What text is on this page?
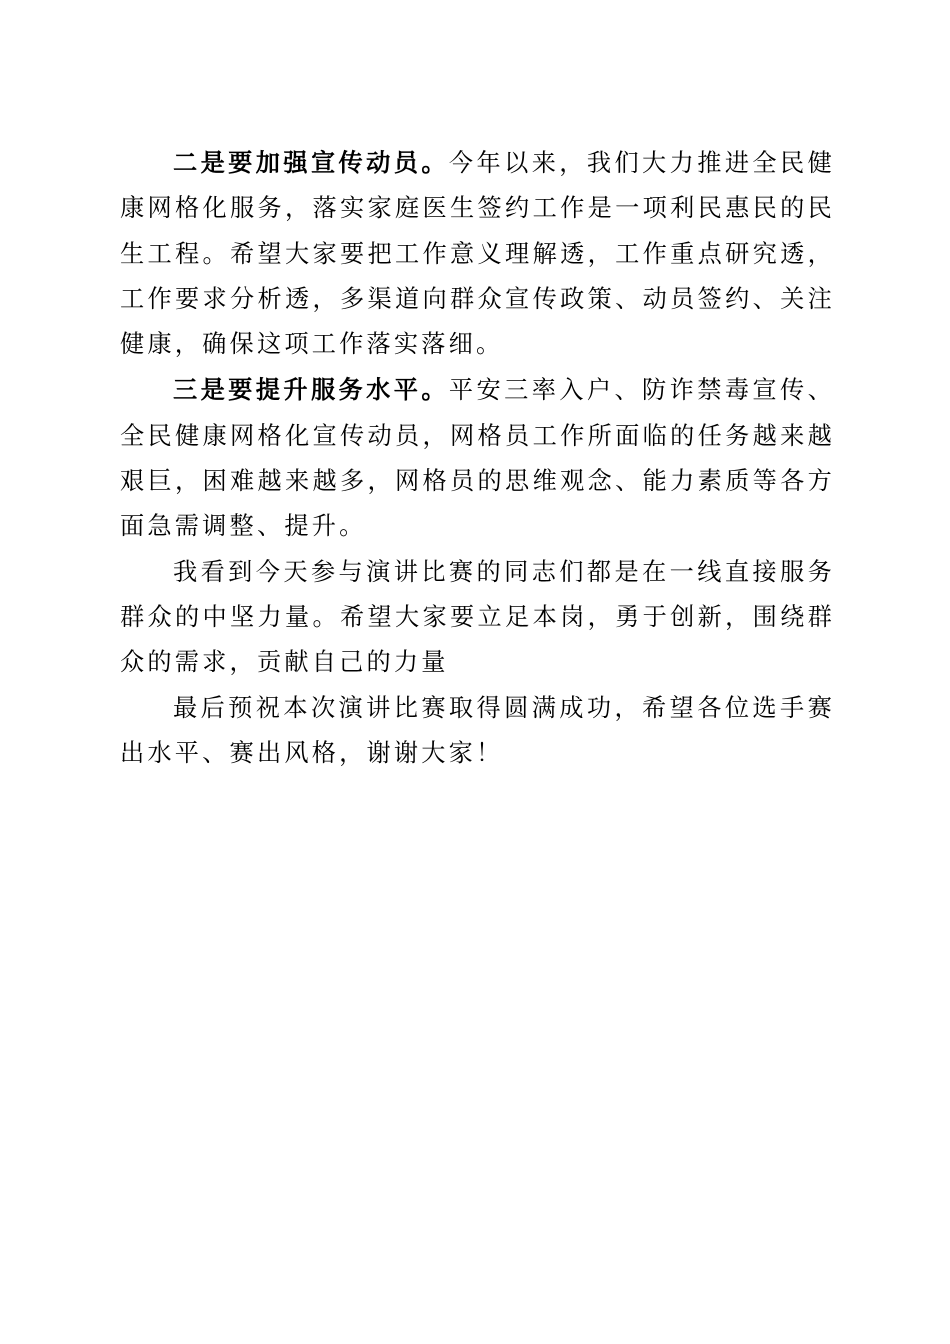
二是要加强宣传动员。今年以来，我们大力推进全民健康网格化服务，落实家庭医生签约工作是一项利民惠民的民生工程。希望大家要把工作意义理解透，工作重点研究透，工作要求分析透，多渠道向群众宣传政策、动员签约、关注健康，确保这项工作落实落细。

三是要提升服务水平。平安三率入户、防诈禁毒宣传、全民健康网格化宣传动员，网格员工作所面临的任务越来越艰巨，困难越来越多，网格员的思维观念、能力素质等各方面急需调整、提升。

我看到今天参与演讲比赛的同志们都是在一线直接服务群众的中坚力量。希望大家要立足本岗，勇于创新，围绕群众的需求，贡献自己的力量

最后预祝本次演讲比赛取得圆满成功，希望各位选手赛出水平、赛出风格，谢谢大家！
